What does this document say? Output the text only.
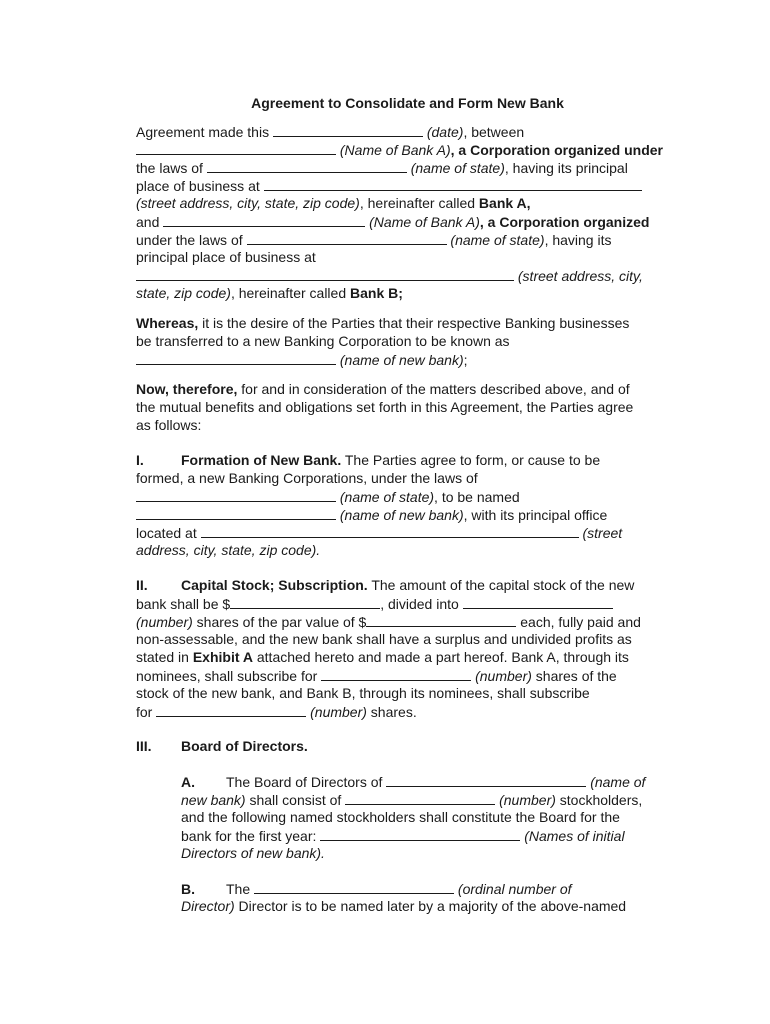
Agreement to Consolidate and Form New Bank
Agreement made this	(date), between
(Name of Bank A), a Corporation organized under
the laws of	(name of state), having its principal
place of business at
(street address, city, state, zip code), hereinafter called Bank A,
and	(Name of Bank A), a Corporation organized
under the laws of	(name of state), having its
principal place of business at
(street address, city,
state, zip code), hereinafter called Bank B;
Whereas, it is the desire of the Parties that their respective Banking businesses
be transferred to a new Banking Corporation to be known as
(name of new bank);
Now, therefore, for and in consideration of the matters described above, and of
the mutual benefits and obligations set forth in this Agreement, the Parties agree
as follows:
I.	Formation of New Bank. The Parties agree to form, or cause to be
formed, a new Banking Corporations, under the laws of
(name of state), to be named
(name of new bank), with its principal office
located at	(street
address, city, state, zip code).
II. Capital Stock; Subscription. The amount of the capital stock of the new
bank shall be $	, divided into
(number) shares of the par value of $	each, fully paid and
non-assessable, and the new bank shall have a surplus and undivided profits as
stated in Exhibit A attached hereto and made a part hereof. Bank A, through its
nominees, shall subscribe for	(number) shares of the
stock of the new bank, and Bank B, through its nominees, shall subscribe
for	(number) shares.
III. Board of Directors.
A. The Board of Directors of	(name of
new bank) shall consist of	(number) stockholders,
and the following named stockholders shall constitute the Board for the
bank for the first year:	(Names of initial
Directors of new bank).
B. The	(ordinal number of
Director) Director is to be named later by a majority of the above-named
